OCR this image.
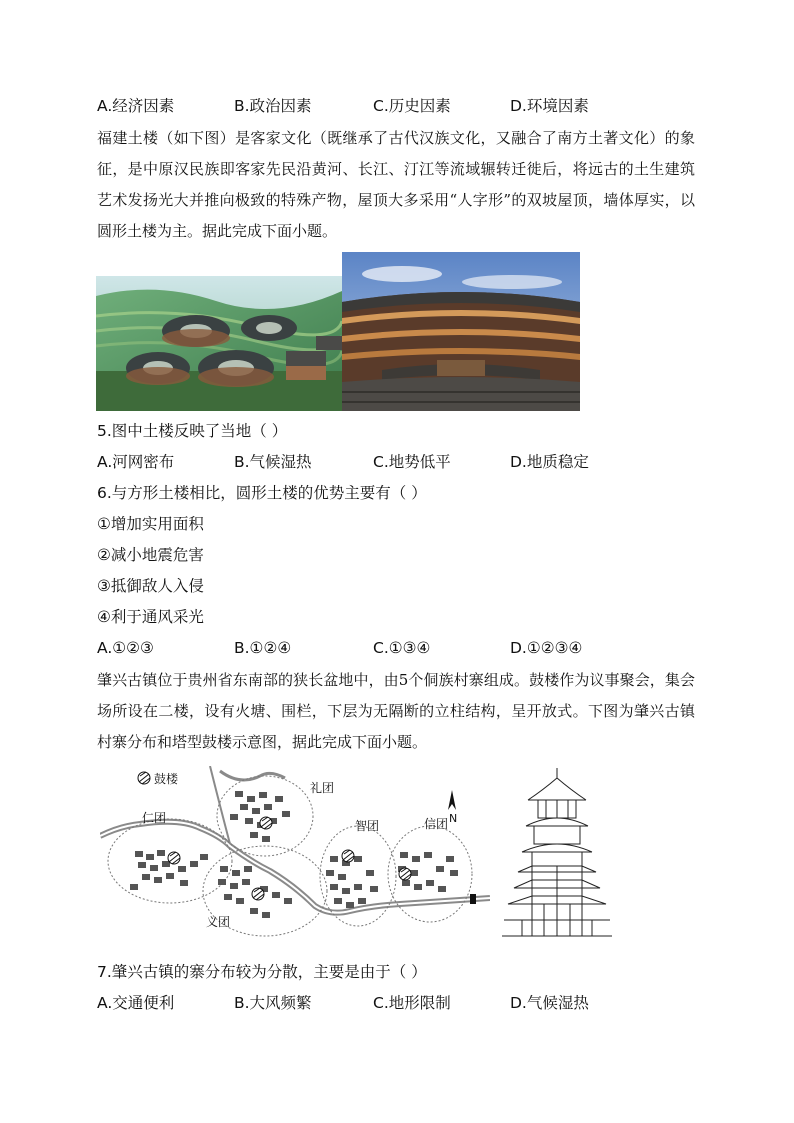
A.经济因素	B.政治因素	C.历史因素	D.环境因素
福建土楼（如下图）是客家文化（既继承了古代汉族文化，又融合了南方土著文化）的象征，是中原汉民族即客家先民沿黄河、长江、汀江等流域辗转迁徙后，将远古的土生建筑艺术发扬光大并推向极致的特殊产物，屋顶大多采用“人字形”的双坡屋顶，墙体厚实，以圆形土楼为主。据此完成下面小题。
5.图中土楼反映了当地（ ）
A.河网密布	B.气候湿热	C.地势低平	D.地质稳定
6.与方形土楼相比，圆形土楼的优势主要有（ ）
①增加实用面积
②减小地震危害
③抵御敌人入侵
④利于通风采光
A.①②③	B.①②④	C.①③④	D.①②③④
肇兴古镇位于贵州省东南部的狭长盆地中，由5个侗族村寨组成。鼓楼作为议事聚会，集会场所设在二楼，设有火塘、围栏，下层为无隔断的立柱结构，呈开放式。下图为肇兴古镇村寨分布和塔型鼓楼示意图，据此完成下面小题。
鼓楼
N
仁团
礼团
智团	信团
义团
7.肇兴古镇的寨分布较为分散，主要是由于（ ）
A.交通便利	B.大风频繁	C.地形限制	D.气候湿热
